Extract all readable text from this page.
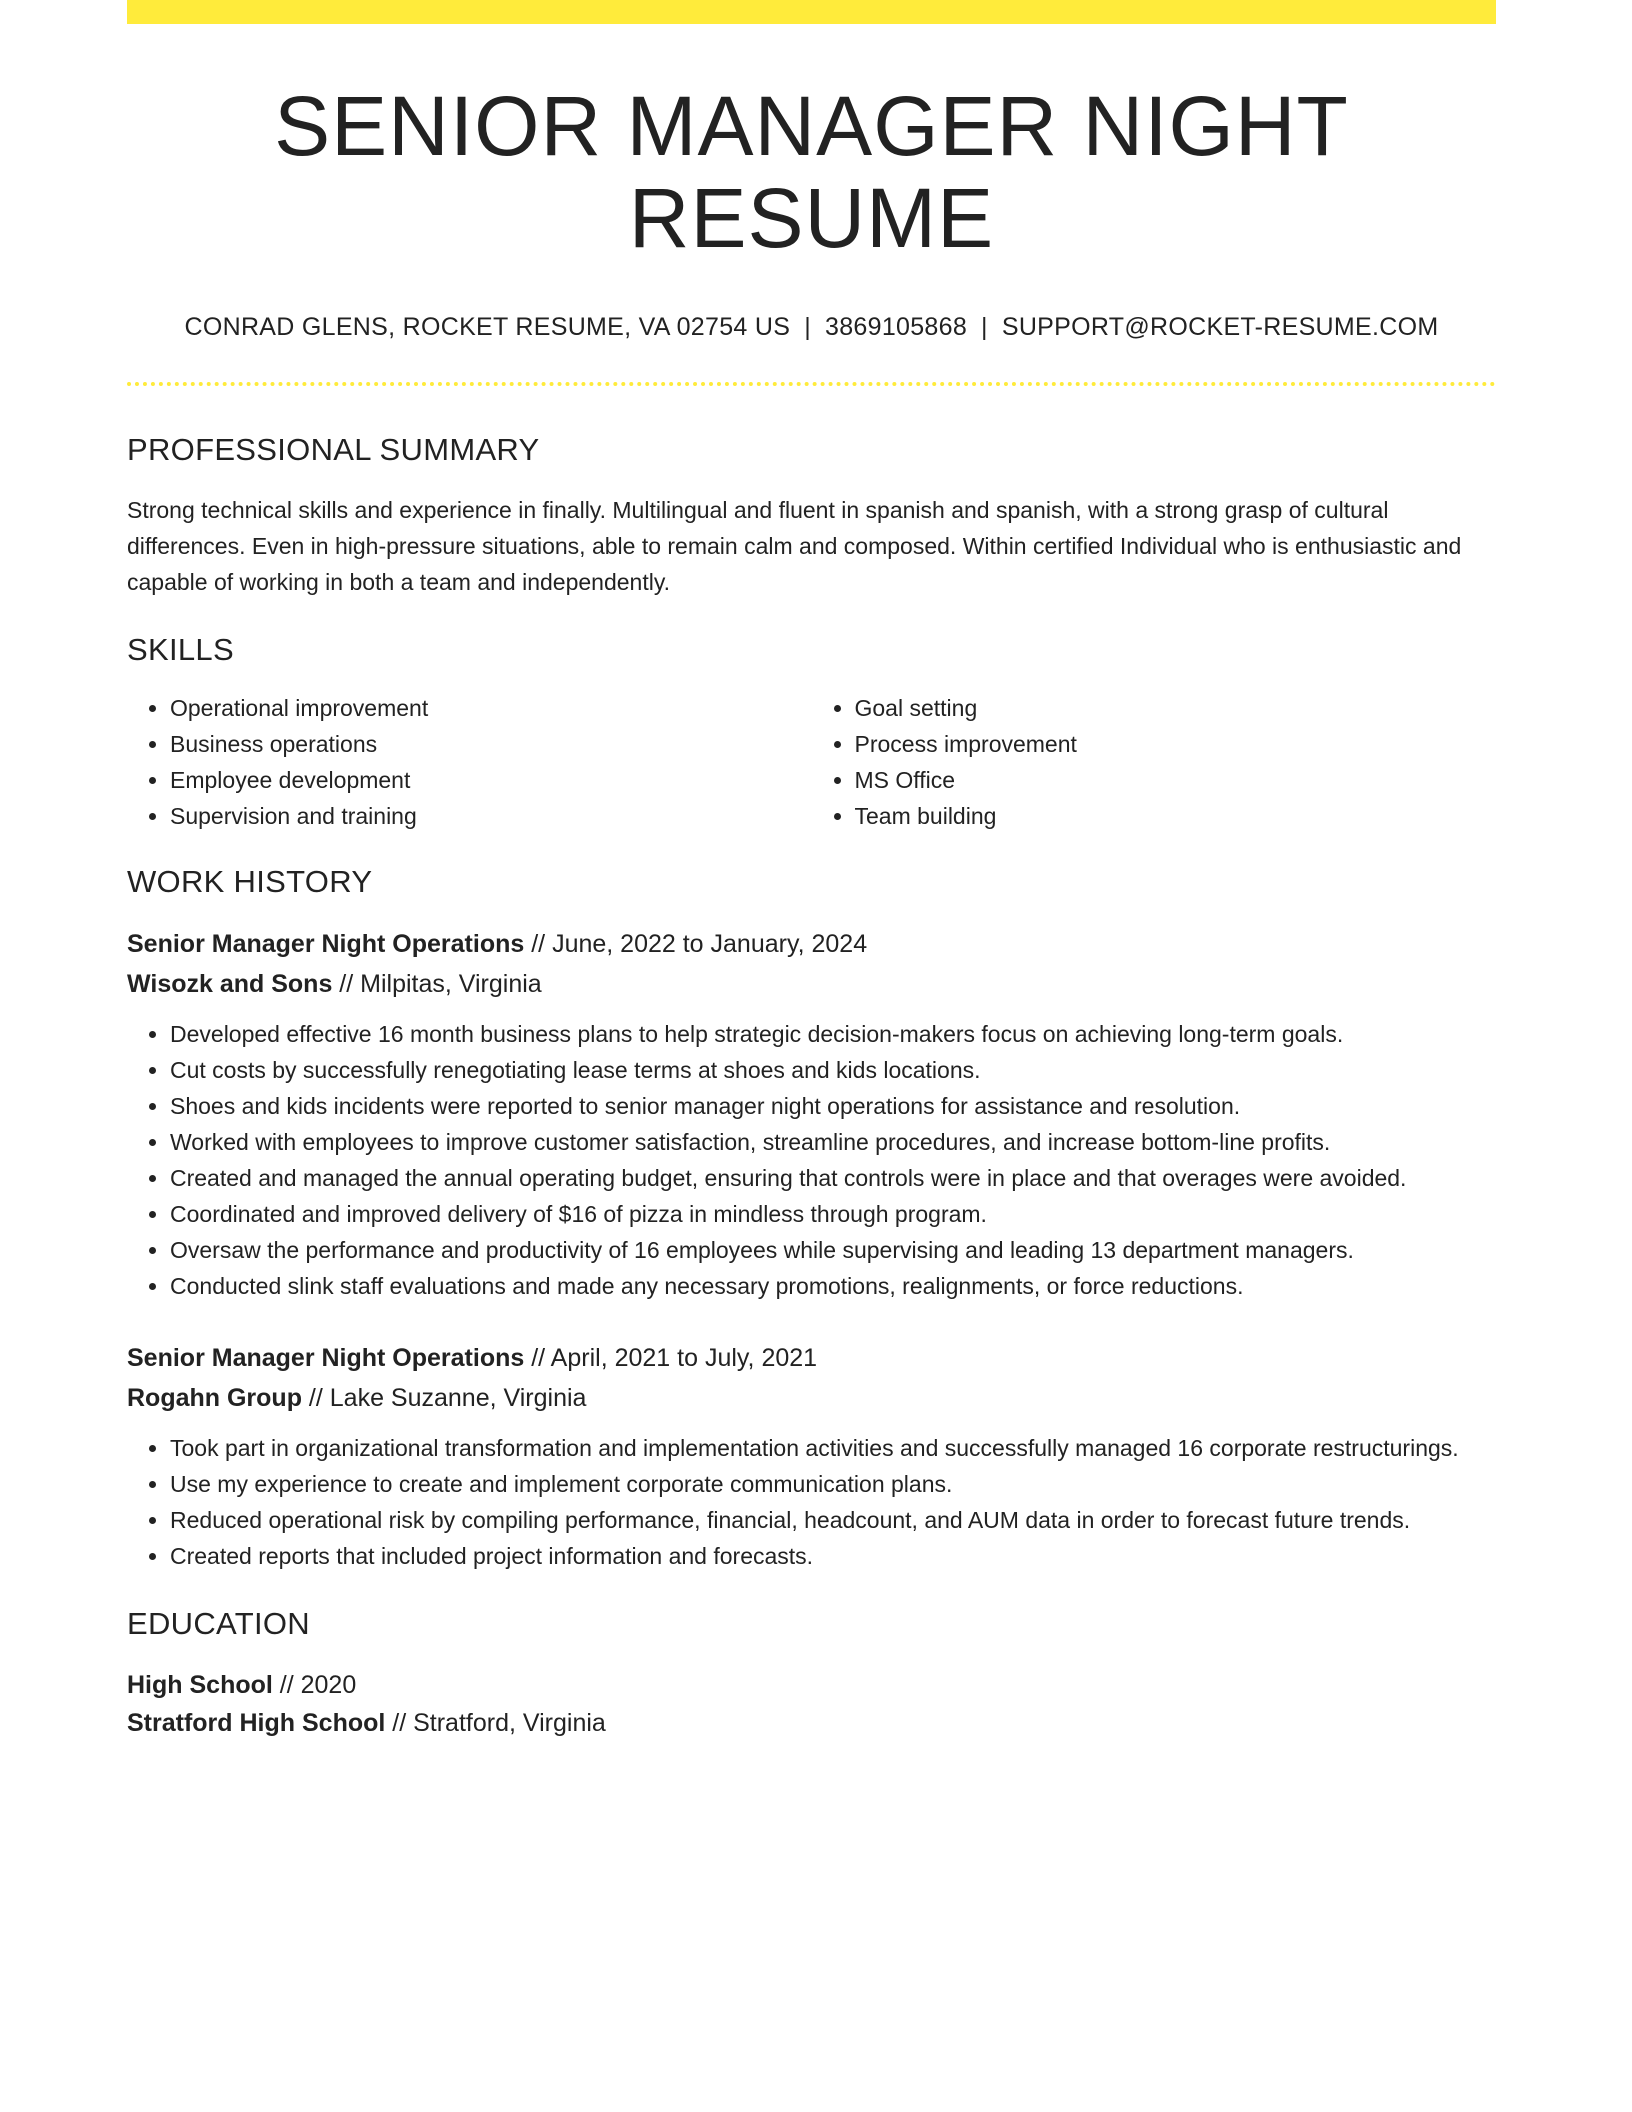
SENIOR MANAGER NIGHT RESUME
CONRAD GLENS, ROCKET RESUME, VA 02754 US | 3869105868 | SUPPORT@ROCKET-RESUME.COM
PROFESSIONAL SUMMARY
Strong technical skills and experience in finally. Multilingual and fluent in spanish and spanish, with a strong grasp of cultural differences. Even in high-pressure situations, able to remain calm and composed. Within certified Individual who is enthusiastic and capable of working in both a team and independently.
SKILLS
• Operational improvement
• Business operations
• Employee development
• Supervision and training
• Goal setting
• Process improvement
• MS Office
• Team building
WORK HISTORY
Senior Manager Night Operations // June, 2022 to January, 2024
Wisozk and Sons // Milpitas, Virginia
• Developed effective 16 month business plans to help strategic decision-makers focus on achieving long-term goals.
• Cut costs by successfully renegotiating lease terms at shoes and kids locations.
• Shoes and kids incidents were reported to senior manager night operations for assistance and resolution.
• Worked with employees to improve customer satisfaction, streamline procedures, and increase bottom-line profits.
• Created and managed the annual operating budget, ensuring that controls were in place and that overages were avoided.
• Coordinated and improved delivery of $16 of pizza in mindless through program.
• Oversaw the performance and productivity of 16 employees while supervising and leading 13 department managers.
• Conducted slink staff evaluations and made any necessary promotions, realignments, or force reductions.
Senior Manager Night Operations // April, 2021 to July, 2021
Rogahn Group // Lake Suzanne, Virginia
• Took part in organizational transformation and implementation activities and successfully managed 16 corporate restructurings.
• Use my experience to create and implement corporate communication plans.
• Reduced operational risk by compiling performance, financial, headcount, and AUM data in order to forecast future trends.
• Created reports that included project information and forecasts.
EDUCATION
High School // 2020
Stratford High School // Stratford, Virginia
